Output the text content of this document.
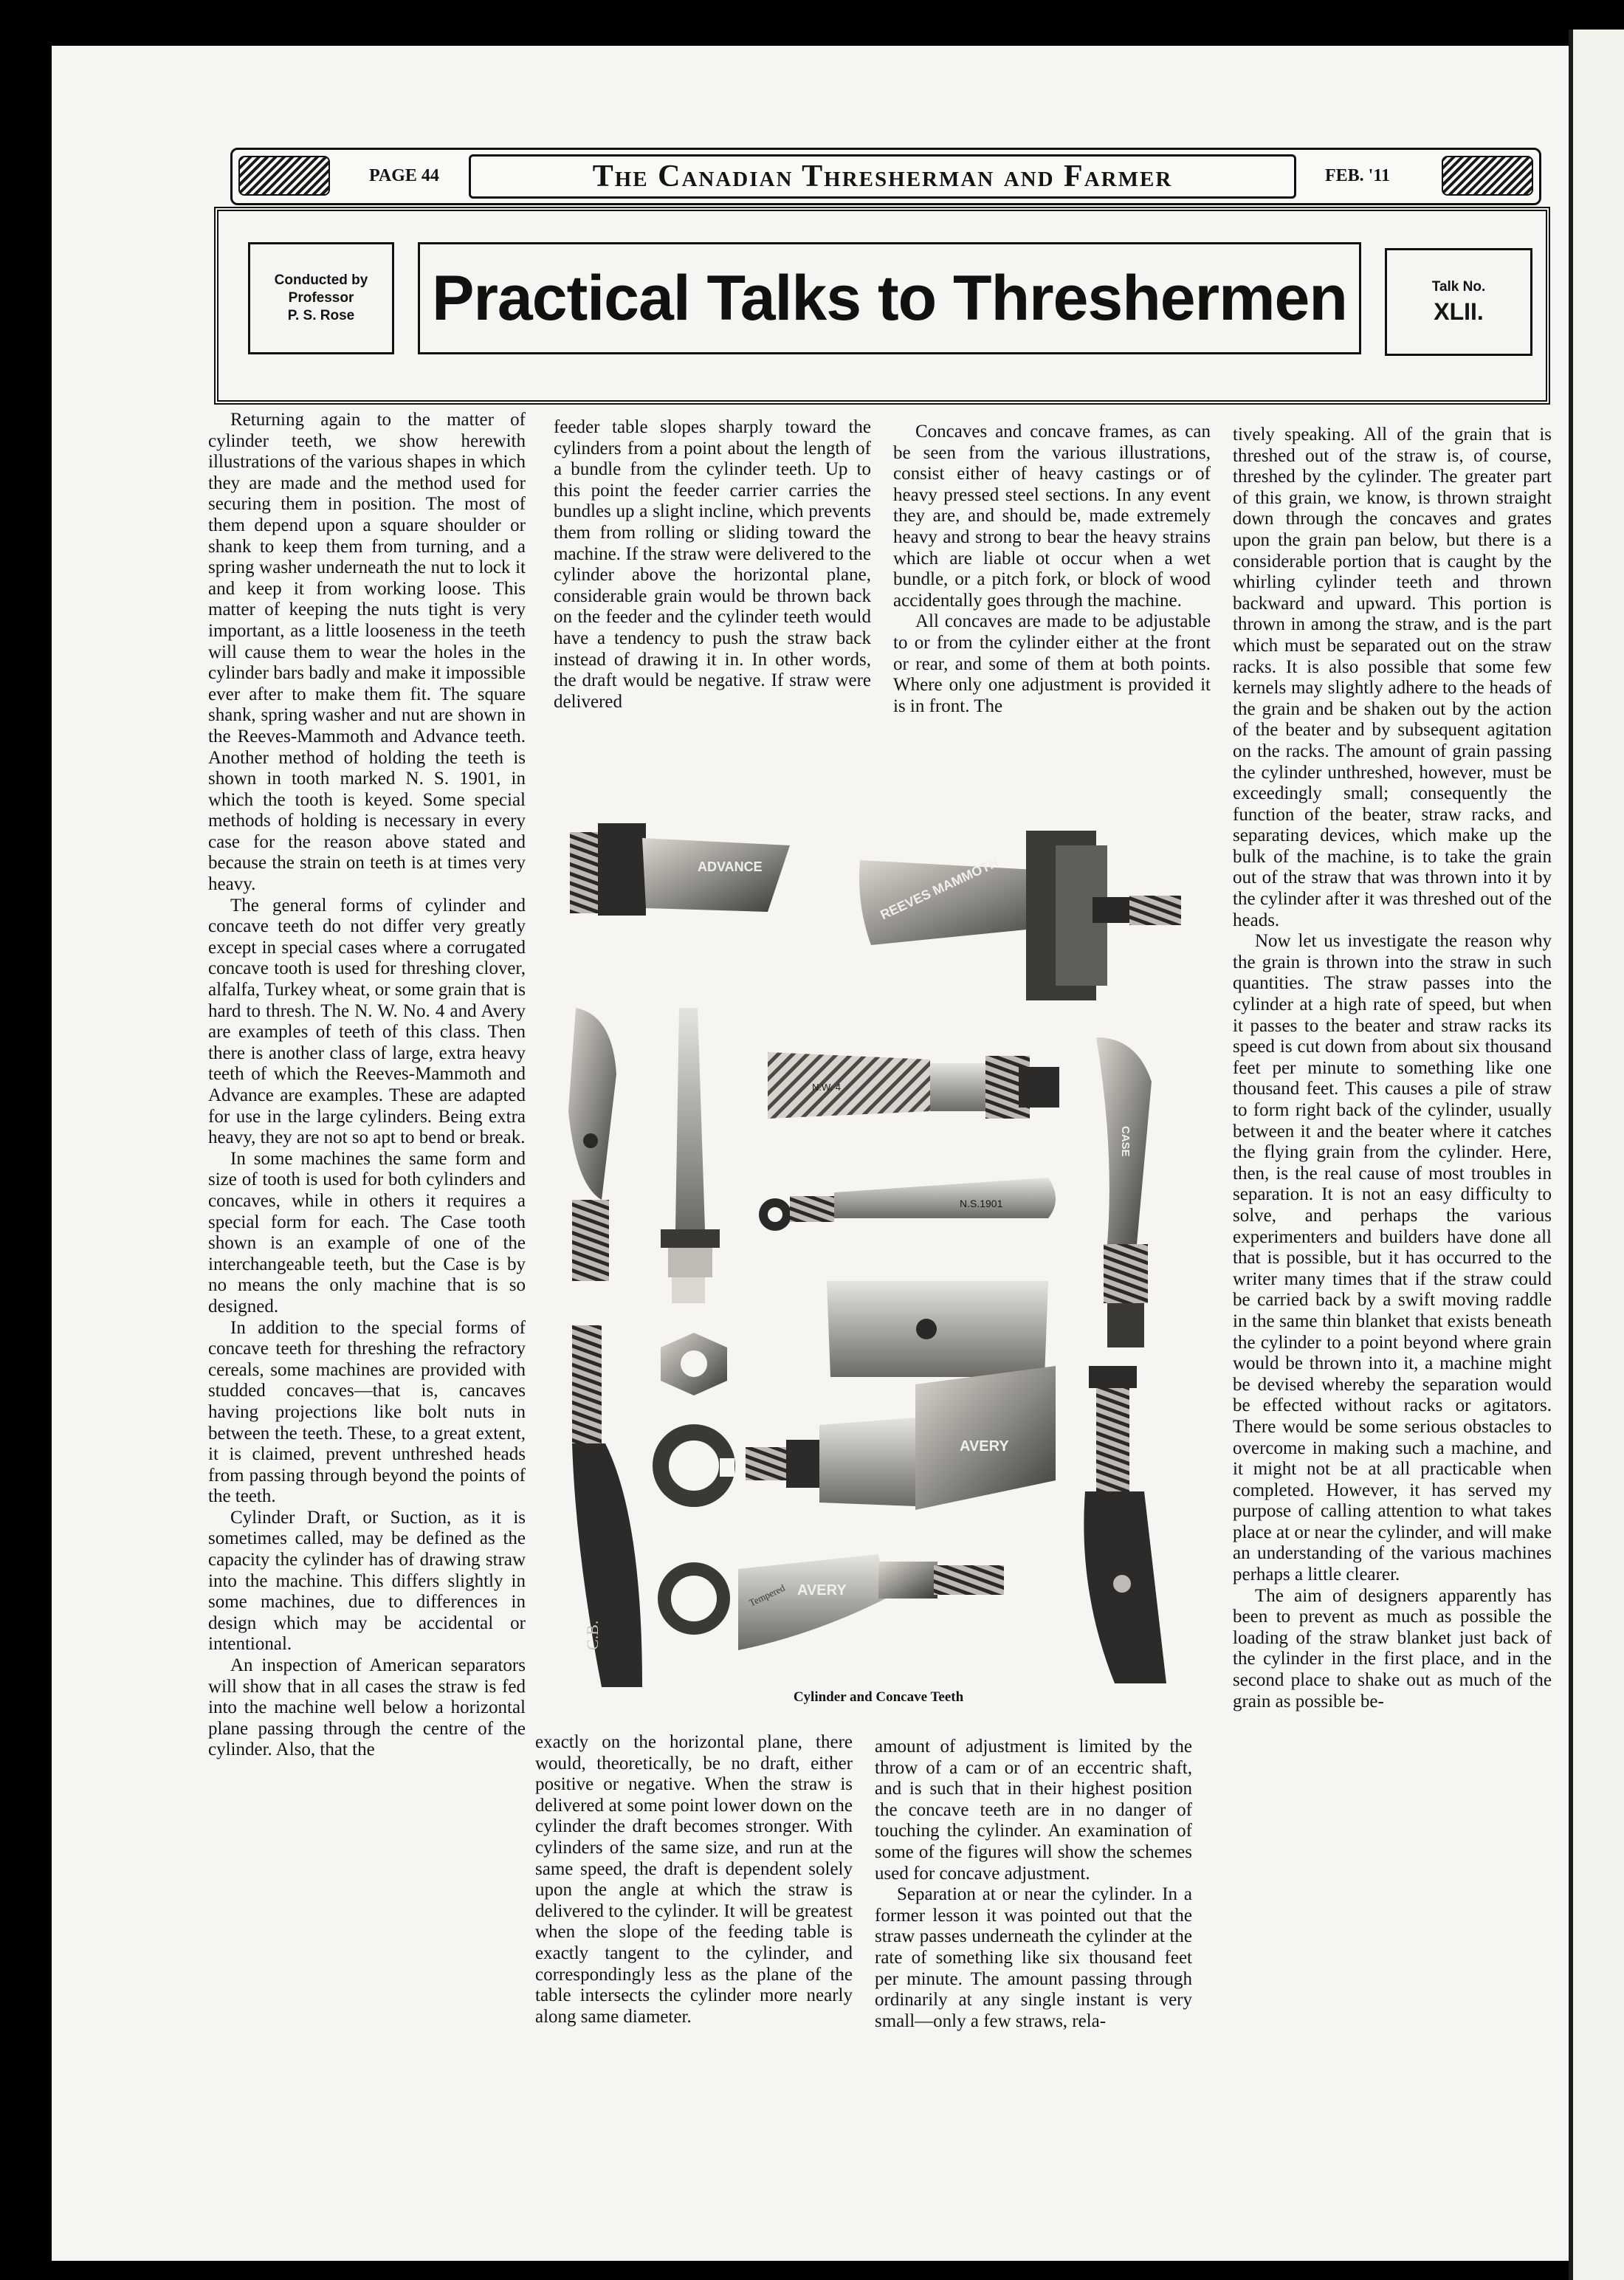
PAGE 44	The Canadian Thresherman and Farmer	FEB. '11
Conducted by
Professor
P. S. Rose Practical Talks to Threshermen	Talk No.
XLII.

Returning again to the matter of cylinder teeth, we show herewith illustrations of the various shapes in which they are made and the method used for securing them in position. The most of them depend upon a square shoulder or shank to keep them from turning, and a spring washer underneath the nut to lock it and keep it from working loose. This matter of keeping the nuts tight is very important, as a little looseness in the teeth will cause them to wear the holes in the cylinder bars badly and make it impossible ever after to make them fit. The square shank, spring washer and nut are shown in the Reeves-Mammoth and Advance teeth. Another method of holding the teeth is shown in tooth marked N. S. 1901, in which the tooth is keyed. Some special methods of holding is necessary in every case for the reason above stated and because the strain on teeth is at times very heavy.

The general forms of cylinder and concave teeth do not differ very greatly except in special cases where a corrugated concave tooth is used for threshing clover, alfalfa, Turkey wheat, or some grain that is hard to thresh. The N. W. No. 4 and Avery are examples of teeth of this class. Then there is another class of large, extra heavy teeth of which the Reeves-Mammoth and Advance are examples. These are adapted for use in the large cylinders. Being extra heavy, they are not so apt to bend or break.

In some machines the same form and size of tooth is used for both cylinders and concaves, while in others it requires a special form for each. The Case tooth shown is an example of one of the interchangeable teeth, but the Case is by no means the only machine that is so designed.

In addition to the special forms of concave teeth for threshing the refractory cereals, some machines are provided with studded concaves—that is, cancaves having projections like bolt nuts in between the teeth. These, to a great extent, it is claimed, prevent unthreshed heads from passing through beyond the points of the teeth.

Cylinder Draft, or Suction, as it is sometimes called, may be defined as the capacity the cylinder has of drawing straw into the machine. This differs slightly in some machines, due to differences in design which may be accidental or intentional.

An inspection of American separators will show that in all cases the straw is fed into the machine well below a horizontal plane passing through the centre of the cylinder. Also, that the

feeder table slopes sharply toward the cylinders from a point about the length of a bundle from the cylinder teeth. Up to this point the feeder carrier carries the bundles up a slight incline, which prevents them from rolling or sliding toward the machine. If the straw were delivered to the cylinder above the horizontal plane, considerable grain would be thrown back on the feeder and the cylinder teeth would have a tendency to push the straw back instead of drawing it in. In other words, the draft would be negative. If straw were delivered

Concaves and concave frames, as can be seen from the various illustrations, consist either of heavy castings or of heavy pressed steel sections. In any event they are, and should be, made extremely heavy and strong to bear the heavy strains which are liable ot occur when a wet bundle, or a pitch fork, or block of wood accidentally goes through the machine.

All concaves are made to be adjustable to or from the cylinder either at the front or rear, and some of them at both points. Where only one adjustment is provided it is in front. The

tively speaking. All of the grain that is threshed out of the straw is, of course, threshed by the cylinder. The greater part of this grain, we know, is thrown straight down through the concaves and grates upon the grain pan below, but there is a considerable portion that is caught by the whirling cylinder teeth and thrown backward and upward. This portion is thrown in among the straw, and is the part which must be separated out on the straw racks. It is also possible that some few kernels may slightly adhere to the heads of the grain and be shaken out by the action of the beater and by subsequent agitation on the racks. The amount of grain passing the cylinder unthreshed, however, must be exceedingly small; consequently the function of the beater, straw racks, and separating devices, which make up the bulk of the machine, is to take the grain out of the straw that was thrown into it by the cylinder after it was threshed out of the heads.

Now let us investigate the reason why the grain is thrown into the straw in such quantities. The straw passes into the cylinder at a high rate of speed, but when it passes to the beater and straw racks its speed is cut down from about six thousand feet per minute to something like one thousand feet. This causes a pile of straw to form right back of the cylinder, usually between it and the beater where it catches the flying grain from the cylinder. Here, then, is the real cause of most troubles in separation. It is not an easy difficulty to solve, and perhaps the various experimenters and builders have done all that is possible, but it has occurred to the writer many times that if the straw could be carried back by a swift moving raddle in the same thin blanket that exists beneath the cylinder to a point beyond where grain would be thrown into it, a machine might be devised whereby the separation would be effected without racks or agitators. There would be some serious obstacles to overcome in making such a machine, and it might not be at all practicable when completed. However, it has served my purpose of calling attention to what takes place at or near the cylinder, and will make an understanding of the various machines perhaps a little clearer.

The aim of designers apparently has been to prevent as much as possible the loading of the straw blanket just back of the cylinder in the first place, and in the second place to shake out as much of the grain as possible be-

exactly on the horizontal plane, there would, theoretically, be no draft, either positive or negative. When the straw is delivered at some point lower down on the cylinder the draft becomes stronger. With cylinders of the same size, and run at the same speed, the draft is dependent solely upon the angle at which the straw is delivered to the cylinder. It will be greatest when the slope of the feeding table is exactly tangent to the cylinder, and correspondingly less as the plane of the table intersects the cylinder more nearly along same diameter.

amount of adjustment is limited by the throw of a cam or of an eccentric shaft, and is such that in their highest position the concave teeth are in no danger of touching the cylinder. An examination of some of the figures will show the schemes used for concave adjustment.

Separation at or near the cylinder. In a former lesson it was pointed out that the straw passes underneath the cylinder at the rate of something like six thousand feet per minute. The amount passing through ordinarily at any single instant is very small—only a few straws, rela-

ADVANCE	REEVES MAMMOTH
N.W. 4
CASE
N.S.1901
C.B.
AVERY
Tempered AVERY
Cylinder and Concave Teeth
